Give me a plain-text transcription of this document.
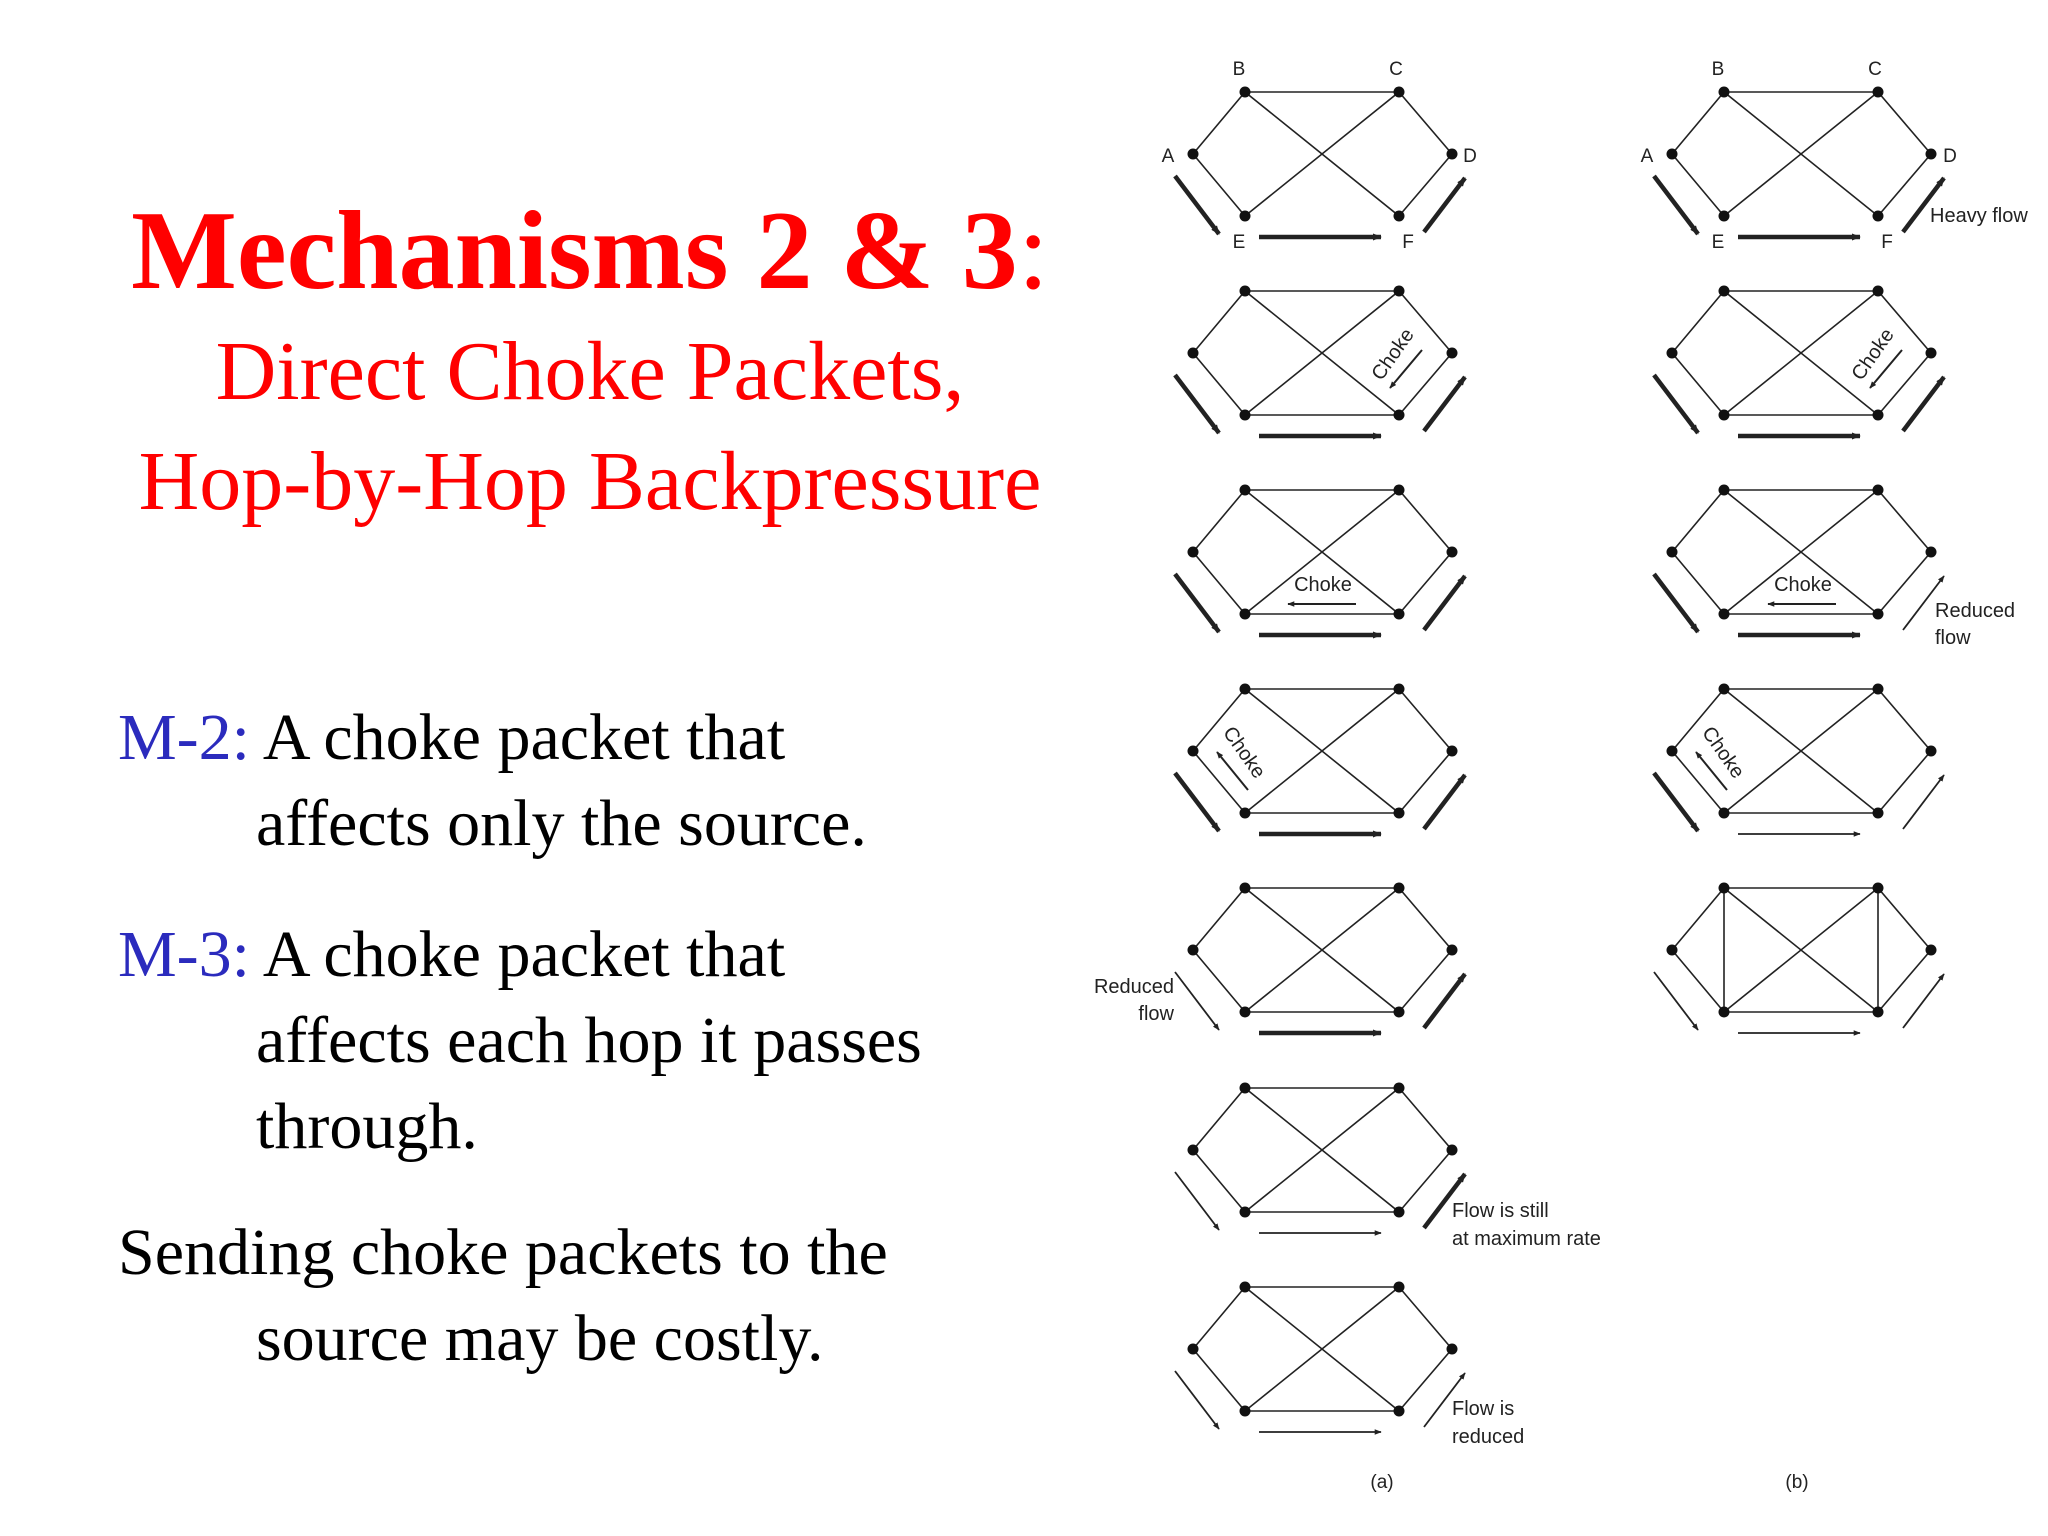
Mechanisms 2 & 3:
Direct Choke Packets,
Hop-by-Hop Backpressure
M-2: A choke packet that
affects only the source.
M-3: A choke packet that
affects each hop it passes
through.
Sending choke packets to the
source may be costly.
B	C
A	D
E	F
B	C
A	D
E	F
Choke
Choke
Choke
Choke
Choke
Choke
Heavy flow
Reduced
flow
Reduced
flow
Flow is still
at maximum rate
Flow is
reduced
(a)	(b)
